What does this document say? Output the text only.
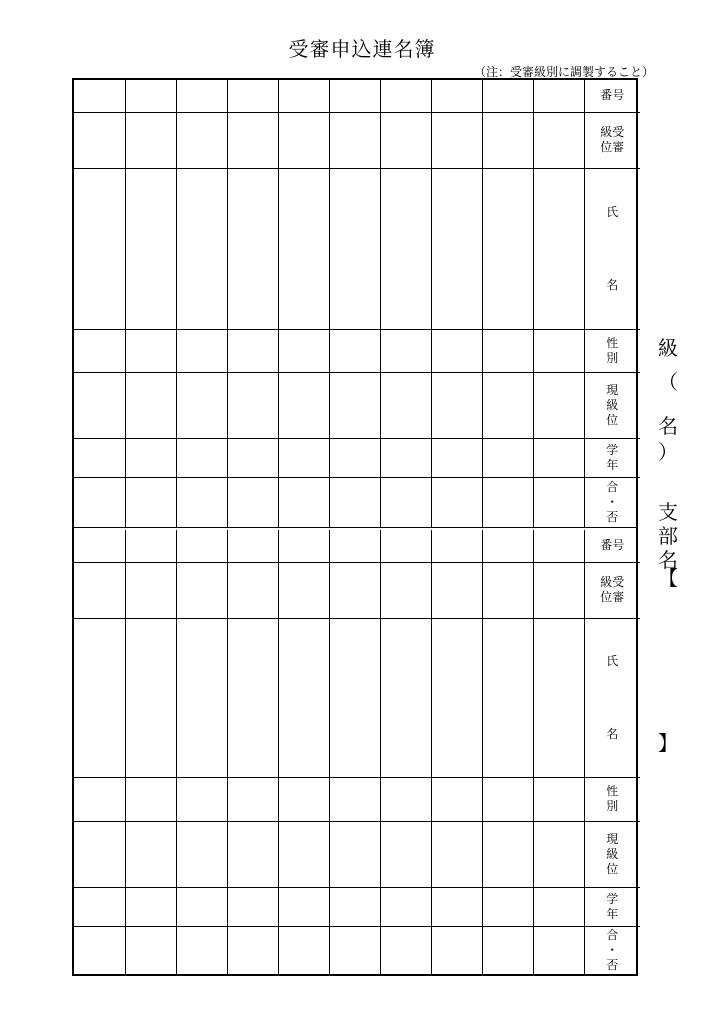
受審申込連名簿
（注：受審級別に調製すること）
										番号

										級受
位審

										氏
名

										性
別

										現
級
位

										学
年

										合
・
否
										番号

										級受
位審

										氏
名

										性
別

										現
級
位

										学
年

										合
・
否
級
（
名
）
支
部
名
【
】
